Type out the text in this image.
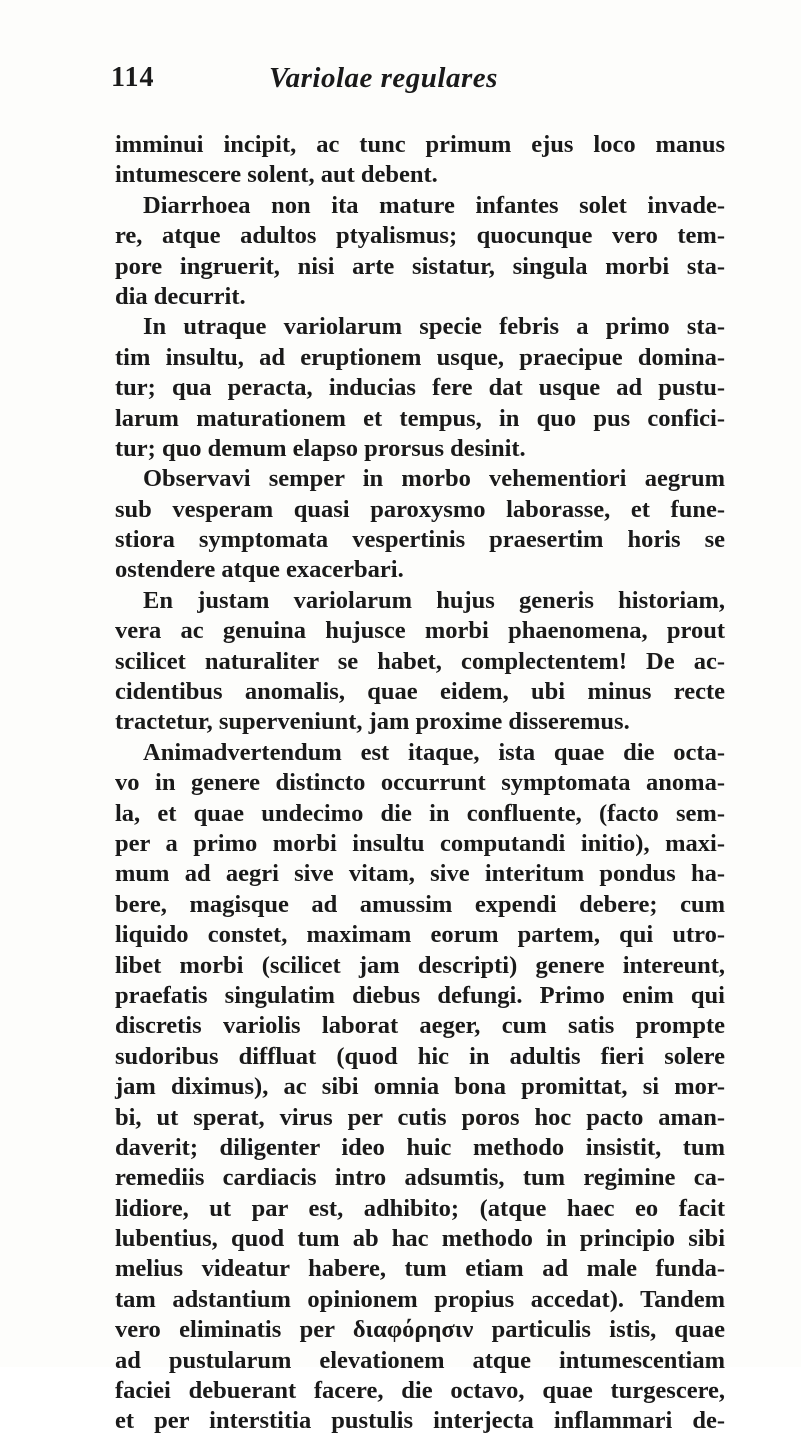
114	Variolae regulares
imminui incipit, ac tunc primum ejus loco manus
intumescere solent, aut debent.
Diarrhoea non ita mature infantes solet invade-
re, atque adultos ptyalismus; quocunque vero tem-
pore ingruerit, nisi arte sistatur, singula morbi sta-
dia decurrit.
In utraque variolarum specie febris a primo sta-
tim insultu, ad eruptionem usque, praecipue domina-
tur; qua peracta, inducias fere dat usque ad pustu-
larum maturationem et tempus, in quo pus confici-
tur; quo demum elapso prorsus desinit.
Observavi semper in morbo vehementiori aegrum
sub vesperam quasi paroxysmo laborasse, et fune-
stiora symptomata vespertinis praesertim horis se
ostendere atque exacerbari.
En justam variolarum hujus generis historiam,
vera ac genuina hujusce morbi phaenomena, prout
scilicet naturaliter se habet, complectentem! De ac-
cidentibus anomalis, quae eidem, ubi minus recte
tractetur, superveniunt, jam proxime disseremus.
Animadvertendum est itaque, ista quae die octa-
vo in genere distincto occurrunt symptomata anoma-
la, et quae undecimo die in confluente, (facto sem-
per a primo morbi insultu computandi initio), maxi-
mum ad aegri sive vitam, sive interitum pondus ha-
bere, magisque ad amussim expendi debere; cum
liquido constet, maximam eorum partem, qui utro-
libet morbi (scilicet jam descripti) genere intereunt,
praefatis singulatim diebus defungi. Primo enim qui
discretis variolis laborat aeger, cum satis prompte
sudoribus diffluat (quod hic in adultis fieri solere
jam diximus), ac sibi omnia bona promittat, si mor-
bi, ut sperat, virus per cutis poros hoc pacto aman-
daverit; diligenter ideo huic methodo insistit, tum
remediis cardiacis intro adsumtis, tum regimine ca-
lidiore, ut par est, adhibito; (atque haec eo facit
lubentius, quod tum ab hac methodo in principio sibi
melius videatur habere, tum etiam ad male funda-
tam adstantium opinionem propius accedat). Tandem
vero eliminatis per διαφόρησιν particulis istis, quae
ad pustularum elevationem atque intumescentiam
faciei debuerant facere, die octavo, quae turgescere,
et per interstitia pustulis interjecta inflammari de-
